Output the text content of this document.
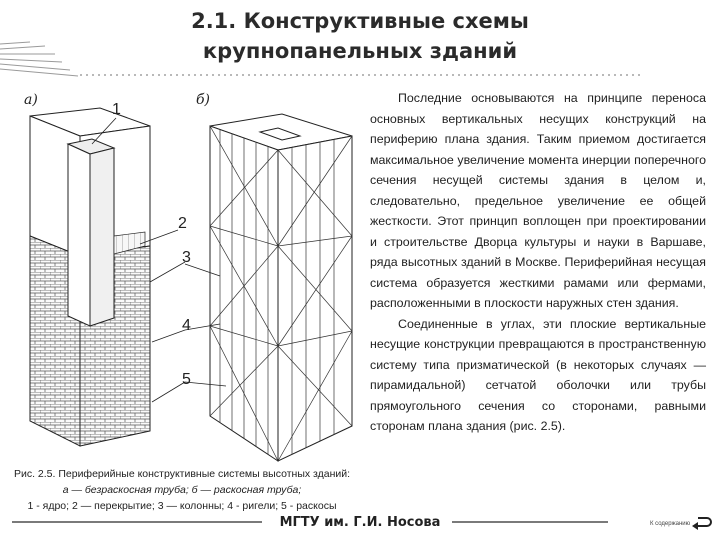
2.1. Конструктивные схемы
крупнопанельных зданий
а)	б)
1
2
3
4
5
Рис. 2.5. Периферийные конструктивные системы высотных зданий:
а — безраскосная труба; б — раскосная труба;
1 - ядро; 2 — перекрытие; 3 — колонны; 4 - ригели; 5 - раскосы

Последние основываются на принципе переноса основных вертикальных несущих конструкций на периферию плана здания. Таким приемом достигается максимальное увеличение момента инерции поперечного сечения несущей системы здания в целом и, следовательно, предельное увеличение ее общей жесткости. Этот принцип воплощен при проектировании и строительстве Дворца культуры и науки в Варшаве, ряда высотных зданий в Москве. Периферийная несущая система образуется жесткими рамами или фермами, расположенными в плоскости наружных стен здания.

Соединенные в углах, эти плоские вертикальные несущие конструкции превращаются в пространственную систему типа призматической (в некоторых случаях — пирамидальной) сетчатой оболочки или трубы прямоугольного сечения со сторонами, равными сторонам плана здания (рис. 2.5).

МГТУ им. Г.И. Носова	К содержанию
